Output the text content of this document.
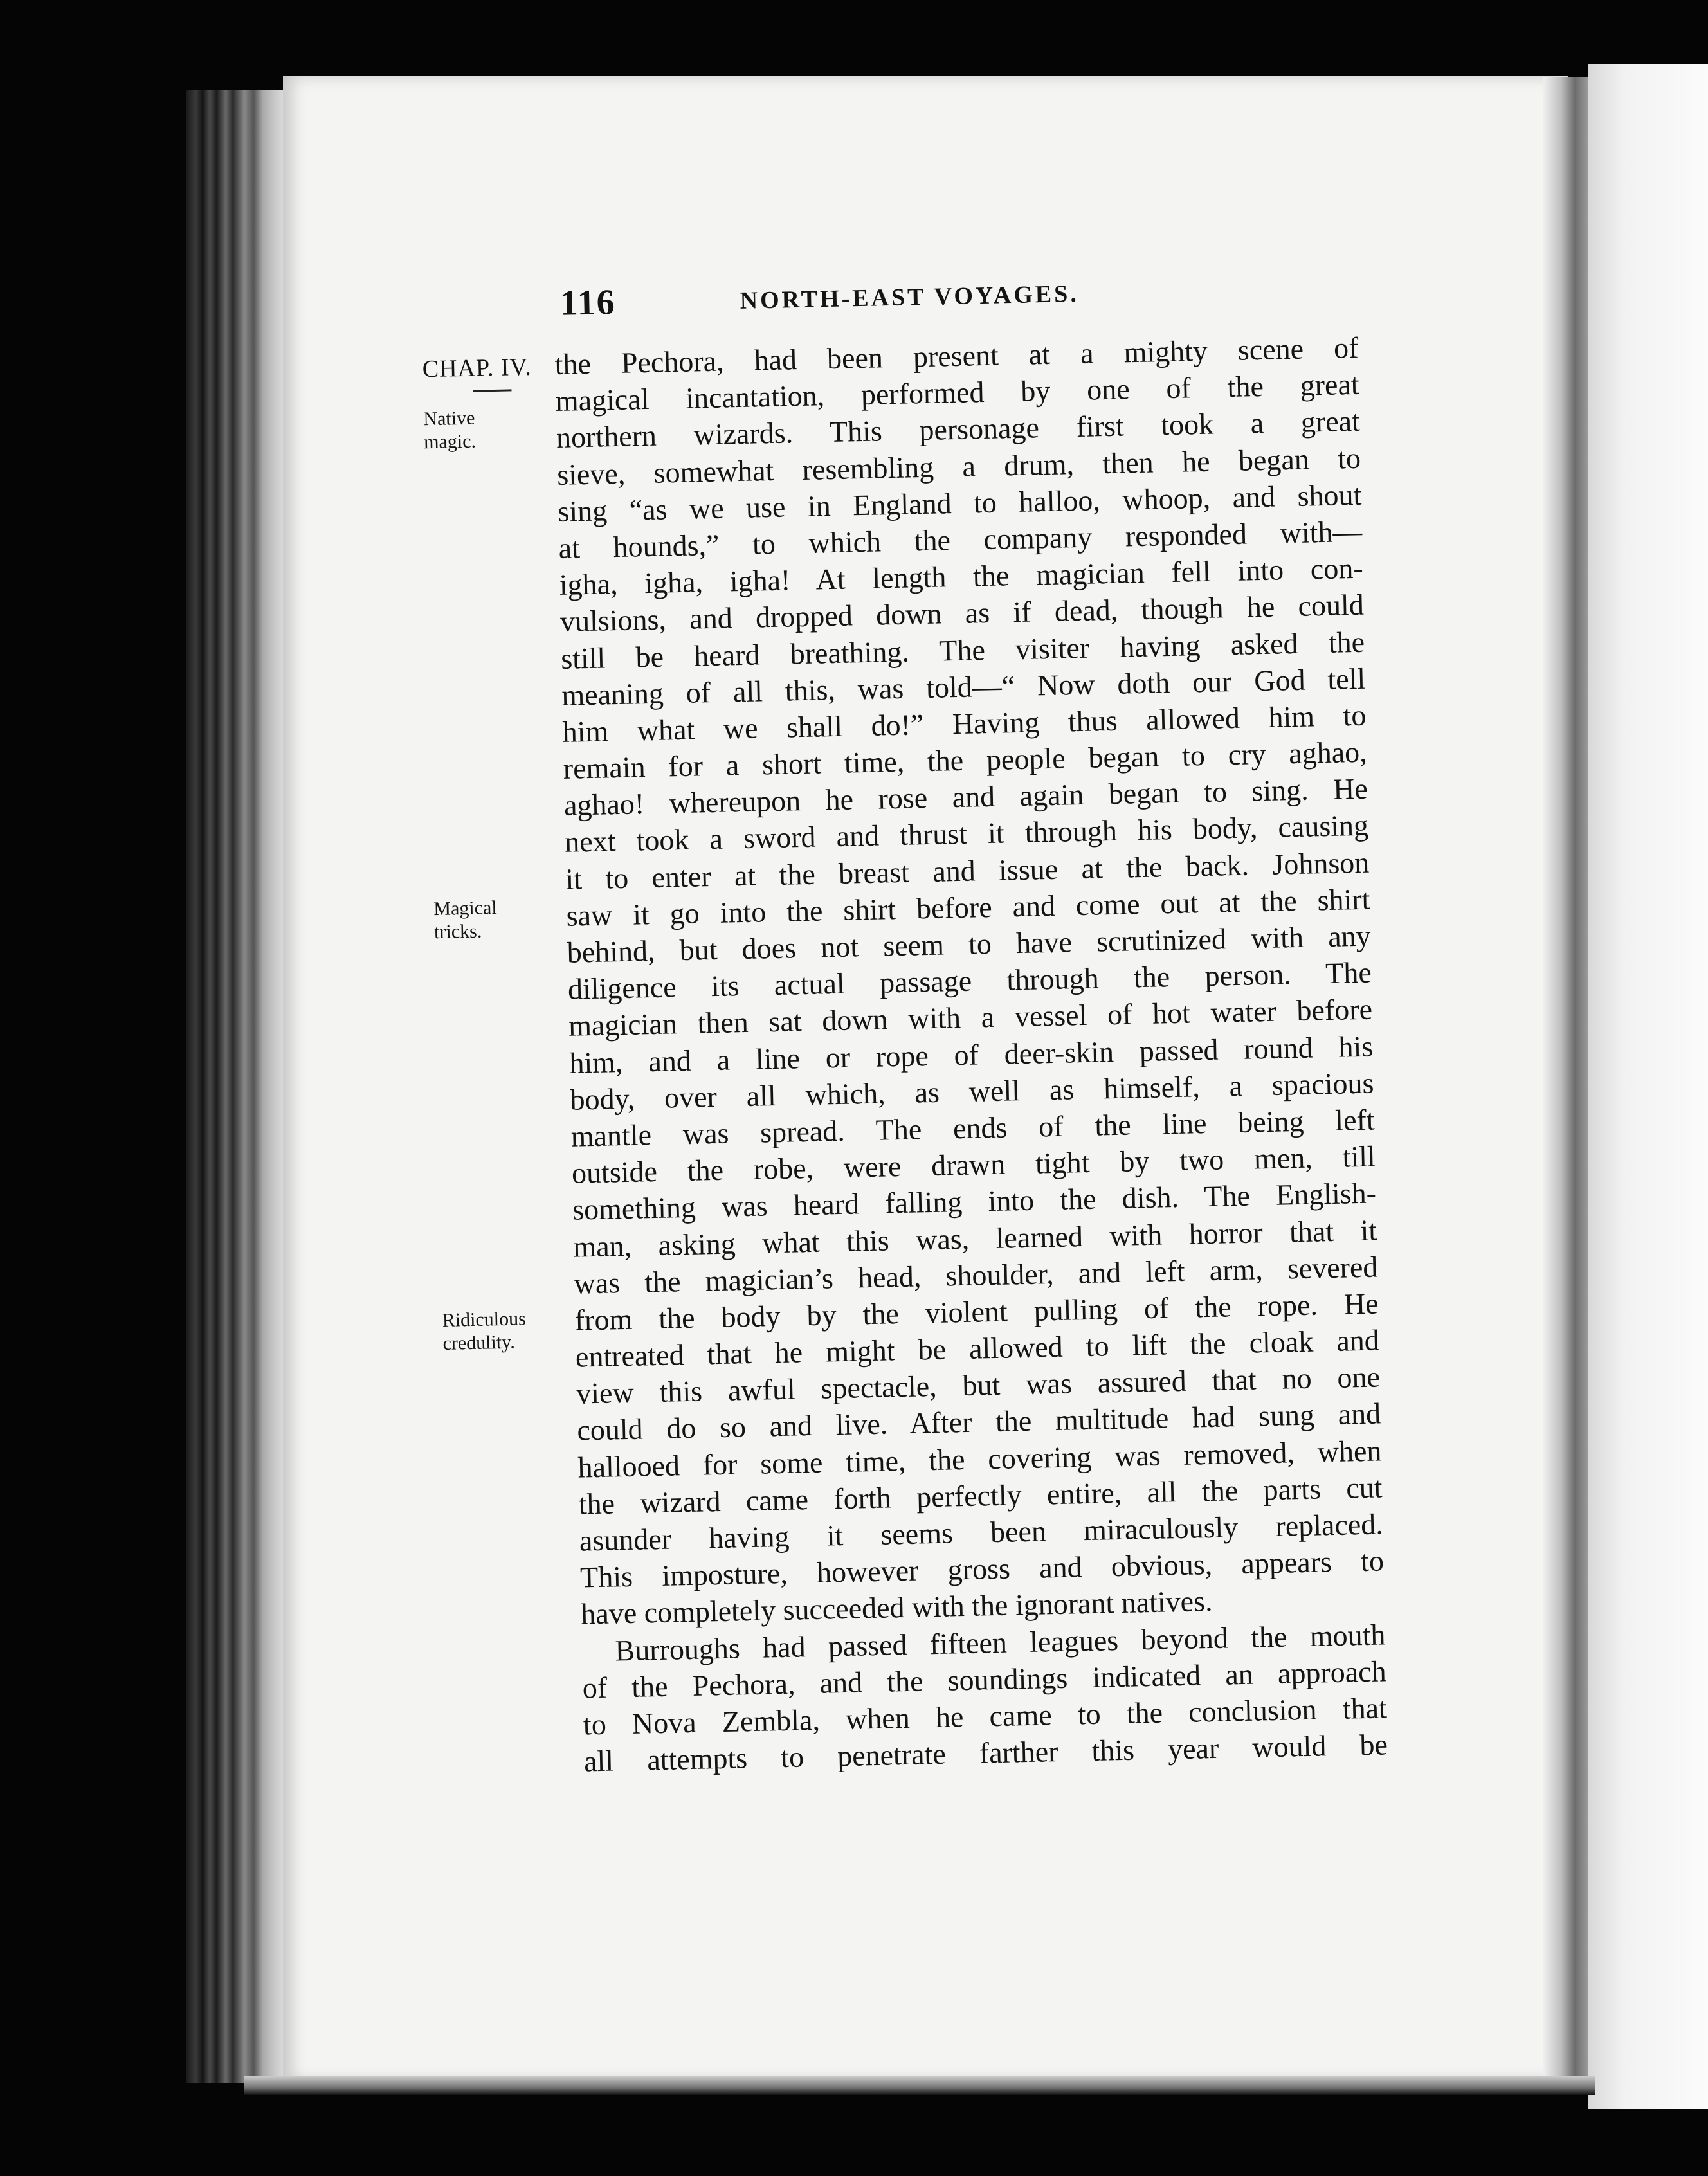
116	NORTH-EAST VOYAGES.
CHAP. IV.
Native
magic.
Magical
tricks.
Ridiculous
credulity.
the Pechora, had been present at a mighty scene of
magical incantation, performed by one of the great
northern wizards. This personage first took a great
sieve, somewhat resembling a drum, then he began to
sing “as we use in England to halloo, whoop, and shout
at hounds,” to which the company responded with—
igha, igha, igha! At length the magician fell into con-
vulsions, and dropped down as if dead, though he could
still be heard breathing. The visiter having asked the
meaning of all this, was told—“ Now doth our God tell
him what we shall do!” Having thus allowed him to
remain for a short time, the people began to cry aghao,
aghao! whereupon he rose and again began to sing. He
next took a sword and thrust it through his body, causing
it to enter at the breast and issue at the back. Johnson
saw it go into the shirt before and come out at the shirt
behind, but does not seem to have scrutinized with any
diligence its actual passage through the person. The
magician then sat down with a vessel of hot water before
him, and a line or rope of deer-skin passed round his
body, over all which, as well as himself, a spacious
mantle was spread. The ends of the line being left
outside the robe, were drawn tight by two men, till
something was heard falling into the dish. The English-
man, asking what this was, learned with horror that it
was the magician’s head, shoulder, and left arm, severed
from the body by the violent pulling of the rope. He
entreated that he might be allowed to lift the cloak and
view this awful spectacle, but was assured that no one
could do so and live. After the multitude had sung and
hallooed for some time, the covering was removed, when
the wizard came forth perfectly entire, all the parts cut
asunder having it seems been miraculously replaced.
This imposture, however gross and obvious, appears to
have completely succeeded with the ignorant natives.
Burroughs had passed fifteen leagues beyond the mouth
of the Pechora, and the soundings indicated an approach
to Nova Zembla, when he came to the conclusion that
all attempts to penetrate farther this year would be
